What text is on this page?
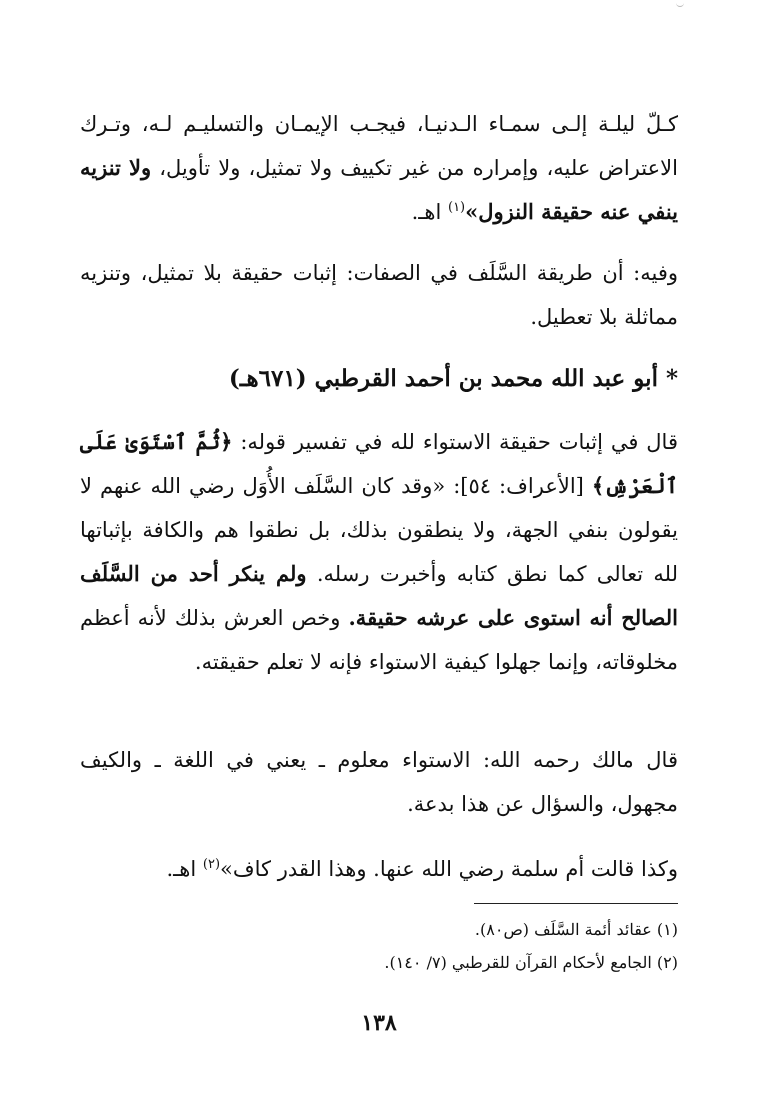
كـلّ ليلـة إلـى سمـاء الـدنيـا، فيجـب الإيمـان والتسليـم لـه، وتـرك الاعتراض عليه، وإمراره من غير تكييف ولا تمثيل، ولا تأويل، ولا تنزيه ينفي عنه حقيقة النزول»$^{(١)}$ اهـ.
وفيه: أن طريقة السَّلَف في الصفات: إثبات حقيقة بلا تمثيل، وتنزيه مماثلة بلا تعطيل.
* أبو عبد الله محمد بن أحمد القرطبي (٦٧١هـ)
قال في إثبات حقيقة الاستواء لله في تفسير قوله: ﴿ثُمَّ ٱسْتَوَىٰ عَلَى ٱلْعَرْشِ﴾ [الأعراف: ٥٤]: «وقد كان السَّلَف الأُوَل رضي الله عنهم لا يقولون بنفي الجهة، ولا ينطقون بذلك، بل نطقوا هم والكافة بإثباتها لله تعالى كما نطق كتابه وأخبرت رسله. ولم ينكر أحد من السَّلَف الصالح أنه استوى على عرشه حقيقة. وخص العرش بذلك لأنه أعظم مخلوقاته، وإنما جهلوا كيفية الاستواء فإنه لا تعلم حقيقته.
قال مالك رحمه الله: الاستواء معلوم ـ يعني في اللغة ـ والكيف مجهول، والسؤال عن هذا بدعة.
وكذا قالت أم سلمة رضي الله عنها. وهذا القدر كاف»$^{(٢)}$ اهـ.
(١) عقائد أئمة السَّلَف (ص٨٠).
(٢) الجامع لأحكام القرآن للقرطبي (٧/ ١٤٠).
١٣٨
